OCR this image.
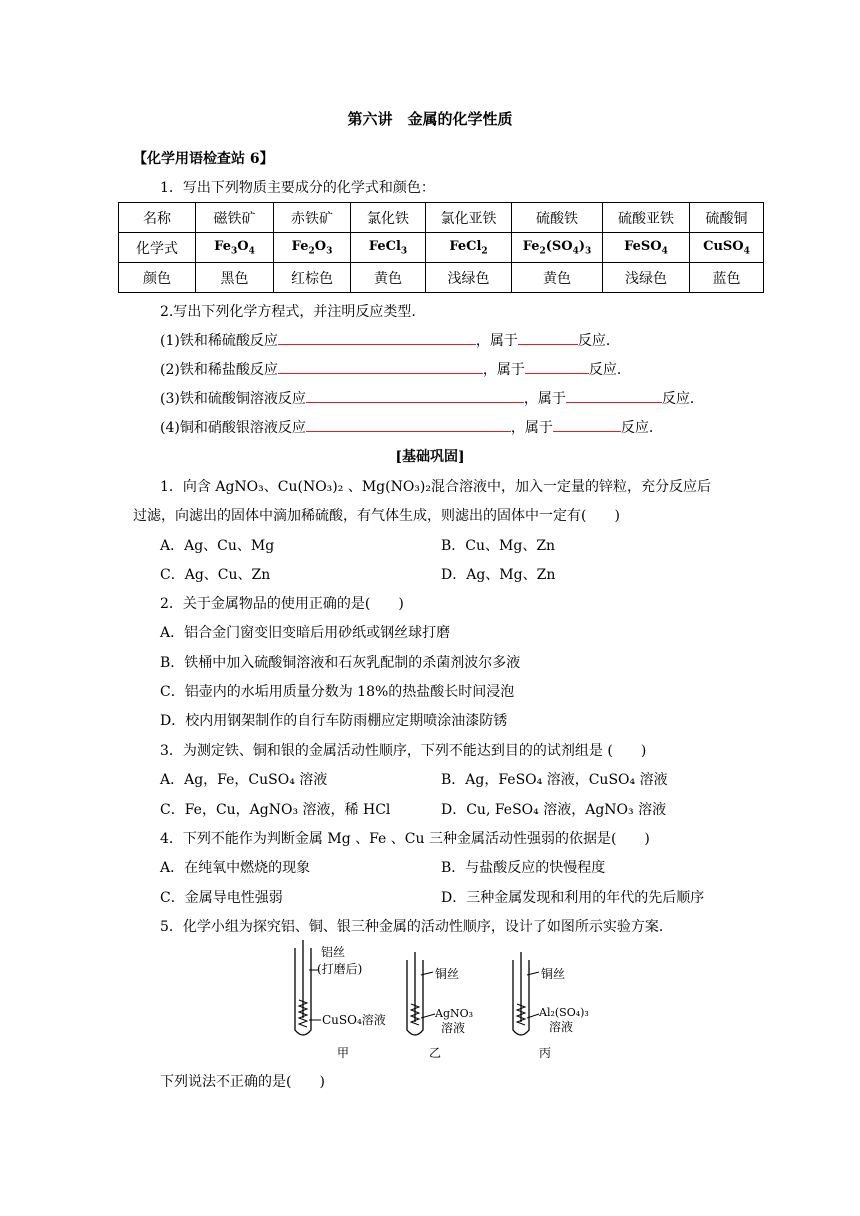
第六讲　金属的化学性质
【化学用语检查站 6】
1．写出下列物质主要成分的化学式和颜色：
名称	磁铁矿	赤铁矿	氯化铁	氯化亚铁	硫酸铁	硫酸亚铁	硫酸铜
化学式	$Fe_3O_4$	$Fe_2O_3$	FeCl$_3$	FeCl$_2$	$Fe_2(SO_4)_3$	FeSO$_4$	CuSO$_4$
颜色	黑色	红棕色	黄色	浅绿色	黄色	浅绿色	蓝色
2.写出下列化学方程式，并注明反应类型．
(1)铁和稀硫酸反应	，属于	反应．
(2)铁和稀盐酸反应	，属于	反应．
(3)铁和硫酸铜溶液反应	，属于	反应．
(4)铜和硝酸银溶液反应	，属于	反应．
[基础巩固]
1．向含 AgNO₃、Cu(NO₃)₂ 、Mg(NO₃)₂混合溶液中，加入一定量的锌粒，充分反应后
过滤，向滤出的固体中滴加稀硫酸，有气体生成，则滤出的固体中一定有(　　)
A．Ag、Cu、Mg	B．Cu、Mg、Zn
C．Ag、Cu、Zn	D．Ag、Mg、Zn
2．关于金属物品的使用正确的是(　　)
A．铝合金门窗变旧变暗后用砂纸或钢丝球打磨
B．铁桶中加入硫酸铜溶液和石灰乳配制的杀菌剂波尔多液
C．铝壶内的水垢用质量分数为 18%的热盐酸长时间浸泡
D．校内用钢架制作的自行车防雨棚应定期喷涂油漆防锈
3．为测定铁、铜和银的金属活动性顺序，下列不能达到目的的试剂组是 (　　)
A．Ag，Fe，CuSO₄ 溶液	B．Ag，FeSO₄ 溶液，CuSO₄ 溶液
C．Fe，Cu，AgNO₃ 溶液，稀 HCl	D．Cu, FeSO₄ 溶液，AgNO₃ 溶液
4．下列不能作为判断金属 Mg 、Fe 、Cu 三种金属活动性强弱的依据是(　　)
A．在纯氧中燃烧的现象	B．与盐酸反应的快慢程度
C．金属导电性强弱	D．三种金属发现和利用的年代的先后顺序
5．化学小组为探究铝、铜、银三种金属的活动性顺序，设计了如图所示实验方案．
铝丝
(打磨后)
CuSO₄溶液
甲
铜丝
AgNO₃
溶液
乙
铜丝
Al₂(SO₄)₃
溶液
丙
下列说法不正确的是(　　)
